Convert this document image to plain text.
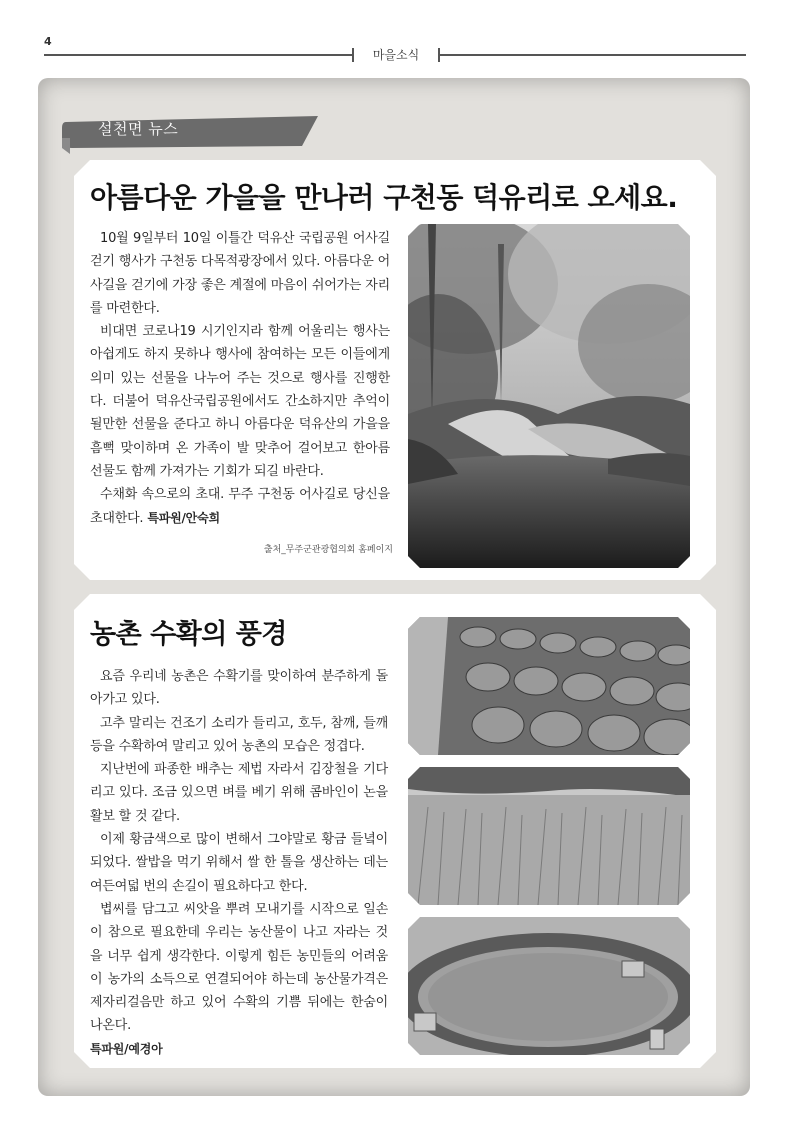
4
마을소식
설천면 뉴스
아름다운 가을을 만나러 구천동 덕유리로 오세요.

10월 9일부터 10일 이틀간 덕유산 국립공원 어사길 걷기 행사가 구천동 다목적광장에서 있다. 아름다운 어사길을 걷기에 가장 좋은 계절에 마음이 쉬어가는 자리를 마련한다.

비대면 코로나19 시기인지라 함께 어울리는 행사는 아쉽게도 하지 못하나 행사에 참여하는 모든 이들에게 의미 있는 선물을 나누어 주는 것으로 행사를 진행한다. 더불어 덕유산국립공원에서도 간소하지만 추억이 될만한 선물을 준다고 하니 아름다운 덕유산의 가을을 흠뻑 맞이하며 온 가족이 발 맞추어 걸어보고 한아름 선물도 함께 가져가는 기회가 되길 바란다.

수채화 속으로의 초대. 무주 구천동 어사길로 당신을 초대한다. 특파원/안숙희

출처_무주군관광협의회 홈페이지
농촌 수확의 풍경

요즘 우리네 농촌은 수확기를 맞이하여 분주하게 돌아가고 있다.

고추 말리는 건조기 소리가 들리고, 호두, 참깨, 들깨등을 수확하여 말리고 있어 농촌의 모습은 정겹다.

지난번에 파종한 배추는 제법 자라서 김장철을 기다리고 있다. 조금 있으면 벼를 베기 위해 콤바인이 논을 활보 할 것 같다.

이제 황금색으로 많이 변해서 그야말로 황금 들녘이 되었다. 쌀밥을 먹기 위해서 쌀 한 톨을 생산하는 데는 여든여덟 번의 손길이 필요하다고 한다.

볍씨를 담그고 씨앗을 뿌려 모내기를 시작으로 일손이 참으로 필요한데 우리는 농산물이 나고 자라는 것을 너무 쉽게 생각한다. 이렇게 힘든 농민들의 어려움이 농가의 소득으로 연결되어야 하는데 농산물가격은 제자리걸음만 하고 있어 수확의 기쁨 뒤에는 한숨이 나온다.

특파원/예경아
